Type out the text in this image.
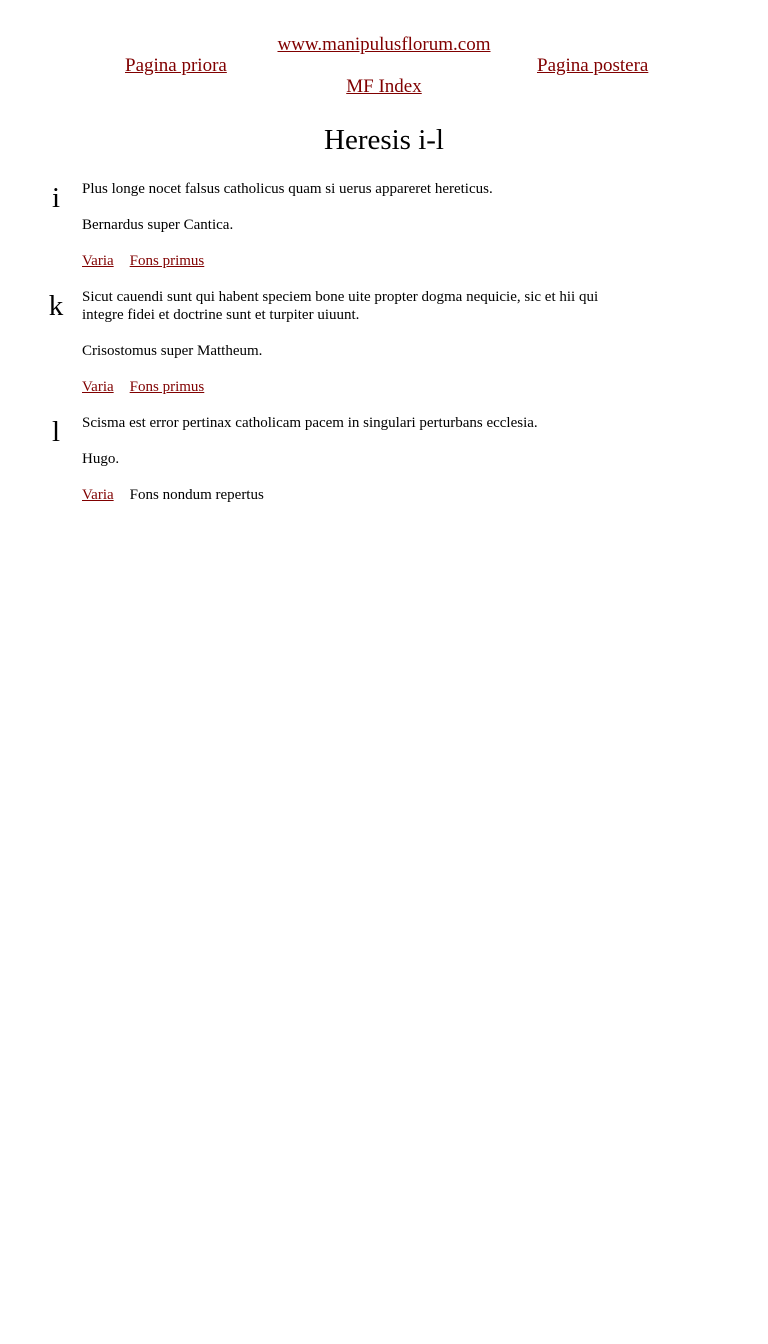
www.manipulusflorum.com
Pagina priora	Pagina postera
MF Index
Heresis i-l
i	Plus longe nocet falsus catholicus quam si uerus appareret hereticus.

Bernardus super Cantica.

Varia Fons primus
k	Sicut cauendi sunt qui habent speciem bone uite propter dogma nequicie, sic et hii qui integre fidei et doctrine sunt et turpiter uiuunt.

Crisostomus super Mattheum.

Varia Fons primus
l	Scisma est error pertinax catholicam pacem in singulari perturbans ecclesia.

Hugo.

Varia Fons nondum repertus
